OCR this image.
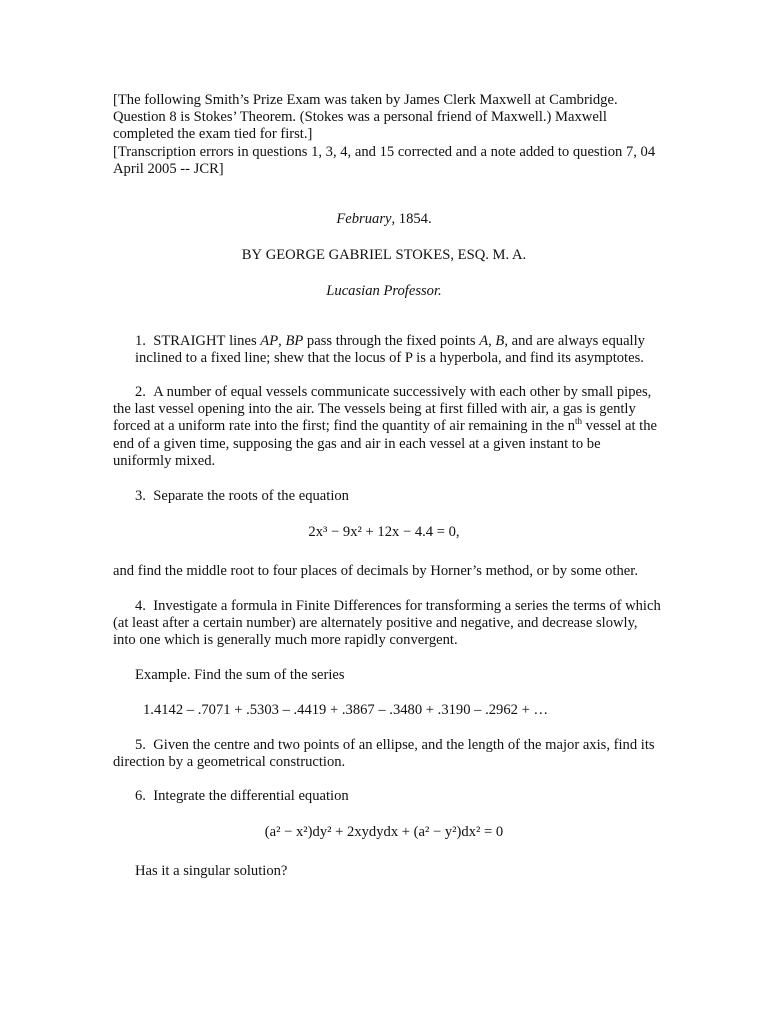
[The following Smith’s Prize Exam was taken by James Clerk Maxwell at Cambridge. Question 8 is Stokes’ Theorem. (Stokes was a personal friend of Maxwell.) Maxwell completed the exam tied for first.]

[Transcription errors in questions 1, 3, 4, and 15 corrected and a note added to question 7, 04 April 2005 -- JCR]

February, 1854.

BY GEORGE GABRIEL STOKES, ESQ. M. A.

Lucasian Professor.

1. STRAIGHT lines AP, BP pass through the fixed points A, B, and are always equally inclined to a fixed line; shew that the locus of P is a hyperbola, and find its asymptotes.

2. A number of equal vessels communicate successively with each other by small pipes, the last vessel opening into the air. The vessels being at first filled with air, a gas is gently forced at a uniform rate into the first; find the quantity of air remaining in the $n^{th}$ vessel at the end of a given time, supposing the gas and air in each vessel at a given instant to be uniformly mixed.

3. Separate the roots of the equation

2x³ − 9x² + 12x − 4.4 = 0,

and find the middle root to four places of decimals by Horner’s method, or by some other.

4. Investigate a formula in Finite Differences for transforming a series the terms of which (at least after a certain number) are alternately positive and negative, and decrease slowly, into one which is generally much more rapidly convergent.

Example. Find the sum of the series

1.4142 – .7071 + .5303 – .4419 + .3867 – .3480 + .3190 – .2962 + …

5. Given the centre and two points of an ellipse, and the length of the major axis, find its direction by a geometrical construction.

6. Integrate the differential equation

(a² − x²)dy² + 2xydydx + (a² − y²)dx² = 0

Has it a singular solution?
